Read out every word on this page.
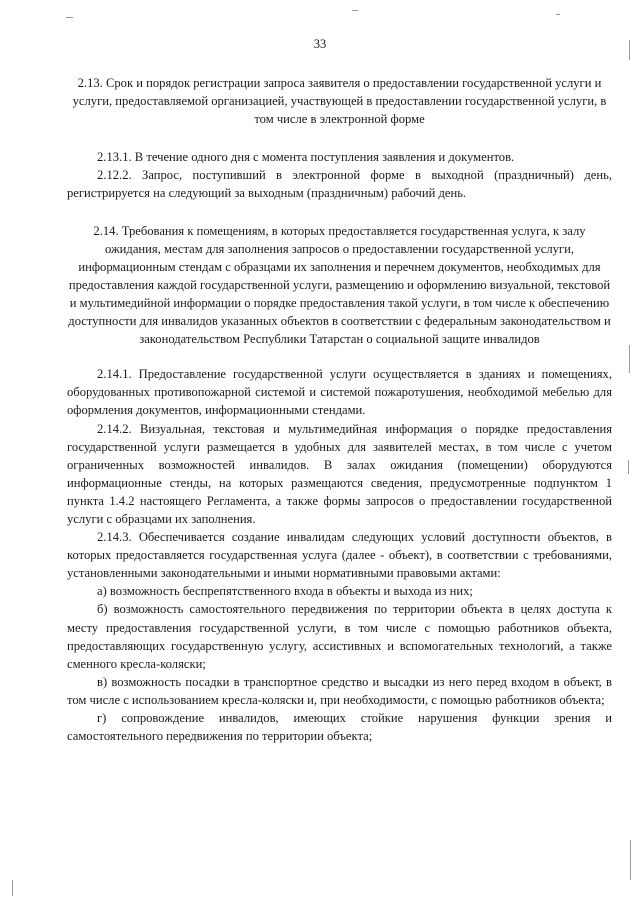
33

2.13. Срок и порядок регистрации запроса заявителя о предоставлении государственной услуги и услуги, предоставляемой организацией, участвующей в предоставлении государственной услуги, в том числе в электронной форме

2.13.1. В течение одного дня с момента поступления заявления и документов.

2.12.2. Запрос, поступивший в электронной форме в выходной (праздничный) день, регистрируется на следующий за выходным (праздничным) рабочий день.

2.14. Требования к помещениям, в которых предоставляется государственная услуга, к залу ожидания, местам для заполнения запросов о предоставлении государственной услуги, информационным стендам с образцами их заполнения и перечнем документов, необходимых для предоставления каждой государственной услуги, размещению и оформлению визуальной, текстовой и мультимедийной информации о порядке предоставления такой услуги, в том числе к обеспечению доступности для инвалидов указанных объектов в соответствии с федеральным законодательством и законодательством Республики Татарстан о социальной защите инвалидов

2.14.1. Предоставление государственной услуги осуществляется в зданиях и помещениях, оборудованных противопожарной системой и системой пожаротушения, необходимой мебелью для оформления документов, информационными стендами.

2.14.2. Визуальная, текстовая и мультимедийная информация о порядке предоставления государственной услуги размещается в удобных для заявителей местах, в том числе с учетом ограниченных возможностей инвалидов. В залах ожидания (помещении) оборудуются информационные стенды, на которых размещаются сведения, предусмотренные подпунктом 1 пункта 1.4.2 настоящего Регламента, а также формы запросов о предоставлении государственной услуги с образцами их заполнения.

2.14.3. Обеспечивается создание инвалидам следующих условий доступности объектов, в которых предоставляется государственная услуга (далее - объект), в соответствии с требованиями, установленными законодательными и иными нормативными правовыми актами:

а) возможность беспрепятственного входа в объекты и выхода из них;

б) возможность самостоятельного передвижения по территории объекта в целях доступа к месту предоставления государственной услуги, в том числе с помощью работников объекта, предоставляющих государственную услугу, ассистивных и вспомогательных технологий, а также сменного кресла-коляски;

в) возможность посадки в транспортное средство и высадки из него перед входом в объект, в том числе с использованием кресла-коляски и, при необходимости, с помощью работников объекта;

г) сопровождение инвалидов, имеющих стойкие нарушения функции зрения и самостоятельного передвижения по территории объекта;
